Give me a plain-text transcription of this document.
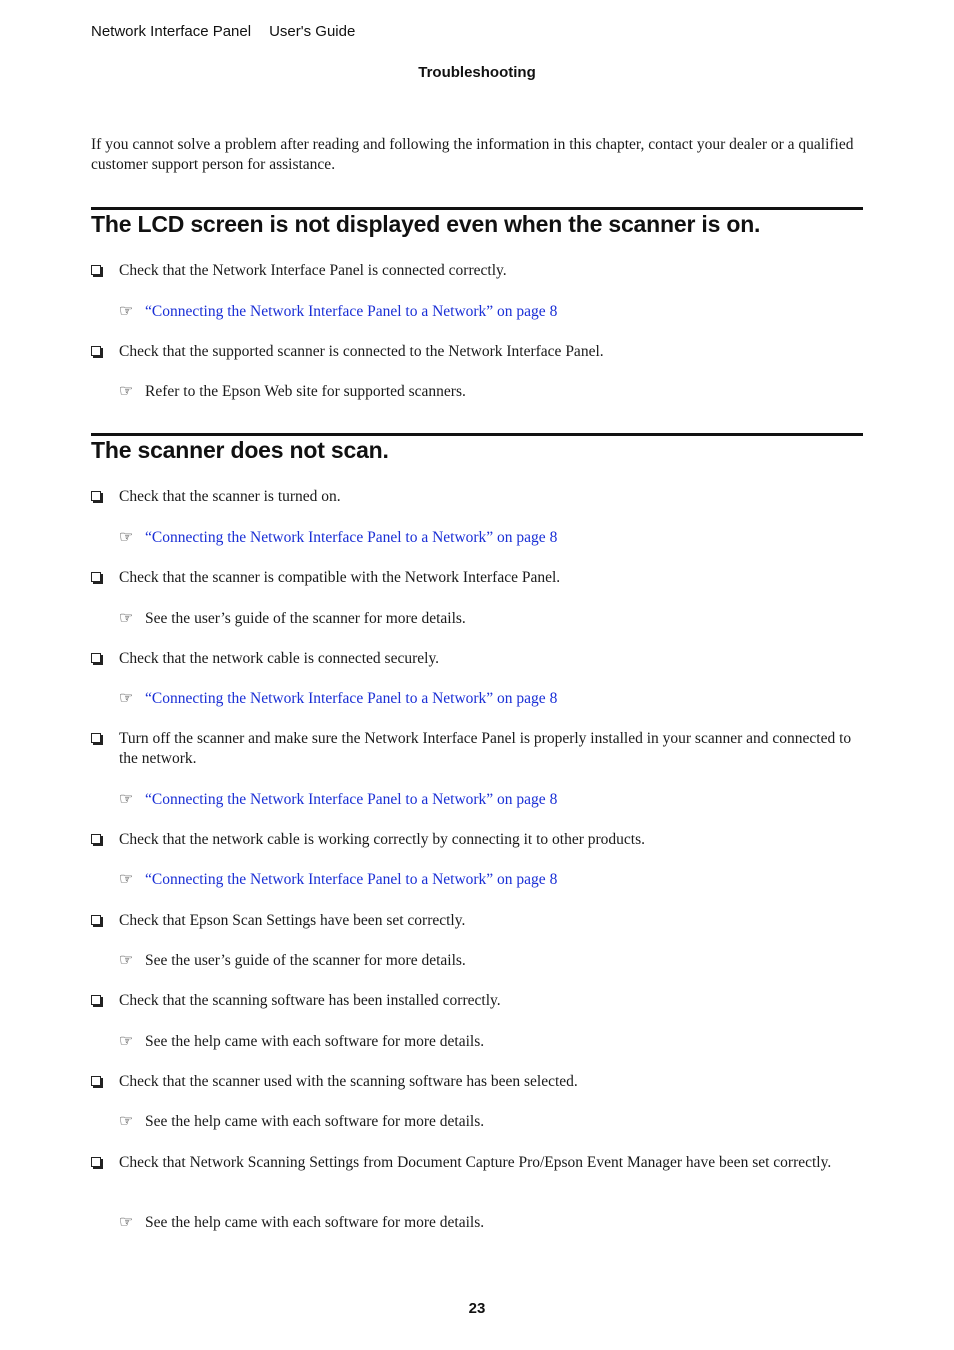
Network Interface Panel User's Guide
Troubleshooting
If you cannot solve a problem after reading and following the information in this chapter, contact your dealer or a qualified customer support person for assistance.
The LCD screen is not displayed even when the scanner is on.
Check that the Network Interface Panel is connected correctly.
☞ “Connecting the Network Interface Panel to a Network” on page 8
Check that the supported scanner is connected to the Network Interface Panel.
☞ Refer to the Epson Web site for supported scanners.
The scanner does not scan.
Check that the scanner is turned on.
☞ “Connecting the Network Interface Panel to a Network” on page 8
Check that the scanner is compatible with the Network Interface Panel.
☞ See the user’s guide of the scanner for more details.
Check that the network cable is connected securely.
☞ “Connecting the Network Interface Panel to a Network” on page 8
Turn off the scanner and make sure the Network Interface Panel is properly installed in your scanner and connected to the network.
☞ “Connecting the Network Interface Panel to a Network” on page 8
Check that the network cable is working correctly by connecting it to other products.
☞ “Connecting the Network Interface Panel to a Network” on page 8
Check that Epson Scan Settings have been set correctly.
☞ See the user’s guide of the scanner for more details.
Check that the scanning software has been installed correctly.
☞ See the help came with each software for more details.
Check that the scanner used with the scanning software has been selected.
☞ See the help came with each software for more details.
Check that Network Scanning Settings from Document Capture Pro/Epson Event Manager have been set correctly.
☞ See the help came with each software for more details.
23
